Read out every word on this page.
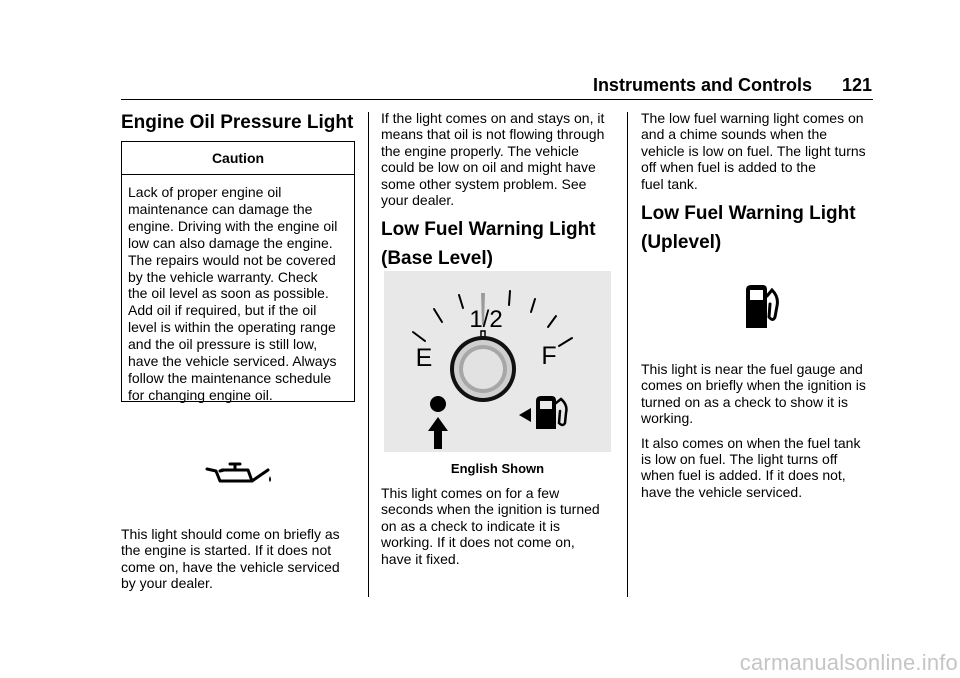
Instruments and Controls 121
Engine Oil Pressure Light
Caution
Lack of proper engine oil
maintenance can damage the
engine. Driving with the engine oil
low can also damage the engine.
The repairs would not be covered
by the vehicle warranty. Check
the oil level as soon as possible.
Add oil if required, but if the oil
level is within the operating range
and the oil pressure is still low,
have the vehicle serviced. Always
follow the maintenance schedule
for changing engine oil.

This light should come on briefly as
the engine is started. If it does not
come on, have the vehicle serviced
by your dealer.

If the light comes on and stays on, it
means that oil is not flowing through
the engine properly. The vehicle
could be low on oil and might have
some other system problem. See
your dealer.

Low Fuel Warning Light
(Base Level)
1/2
E	F
English Shown

This light comes on for a few
seconds when the ignition is turned
on as a check to indicate it is
working. If it does not come on,
have it fixed.

The low fuel warning light comes on
and a chime sounds when the
vehicle is low on fuel. The light turns
off when fuel is added to the
fuel tank.

Low Fuel Warning Light
(Uplevel)

This light is near the fuel gauge and
comes on briefly when the ignition is
turned on as a check to show it is
working.

It also comes on when the fuel tank
is low on fuel. The light turns off
when fuel is added. If it does not,
have the vehicle serviced.

carmanualsonline.info
